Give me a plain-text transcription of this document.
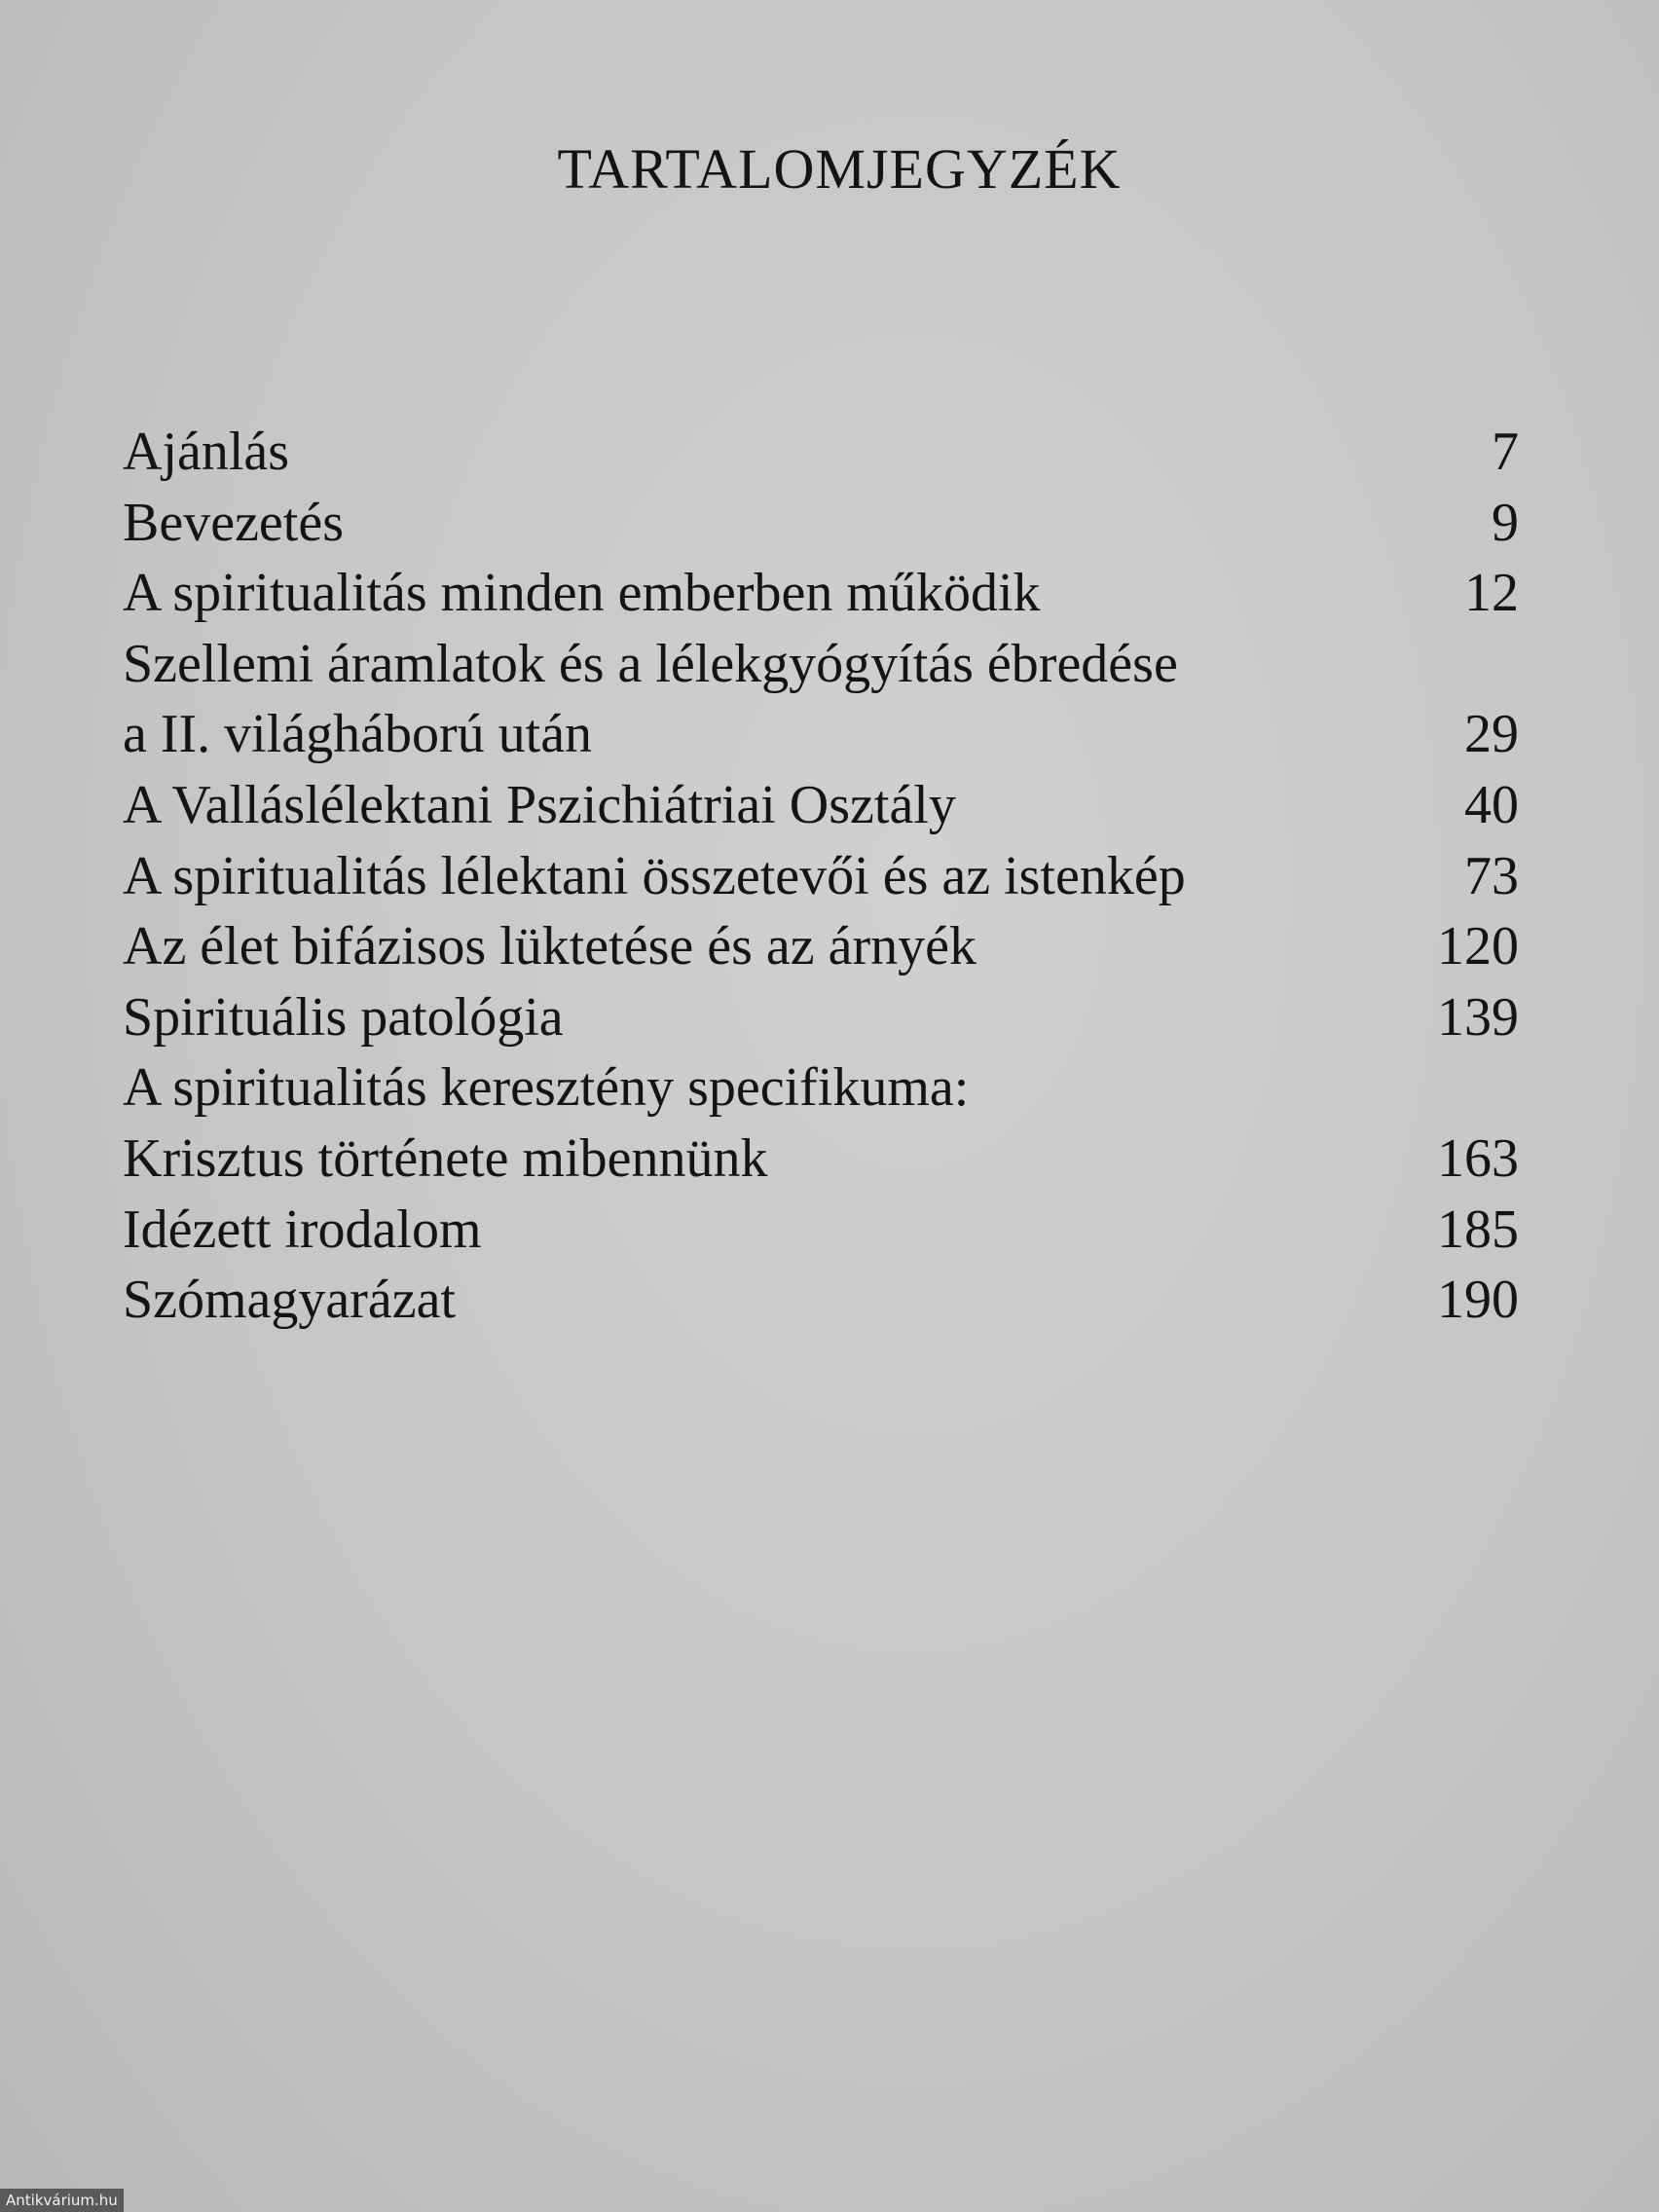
TARTALOMJEGYZÉK
Ajánlás	7
Bevezetés	9
A spiritualitás minden emberben működik	12
Szellemi áramlatok és a lélekgyógyítás ébredése
a II. világháború után	29
A Valláslélektani Pszichiátriai Osztály	40
A spiritualitás lélektani összetevői és az istenkép	73
Az élet bifázisos lüktetése és az árnyék	120
Spirituális patológia	139
A spiritualitás keresztény specifikuma:
Krisztus története mibennünk	163
Idézett irodalom	185
Szómagyarázat	190
Antikvárium.hu
